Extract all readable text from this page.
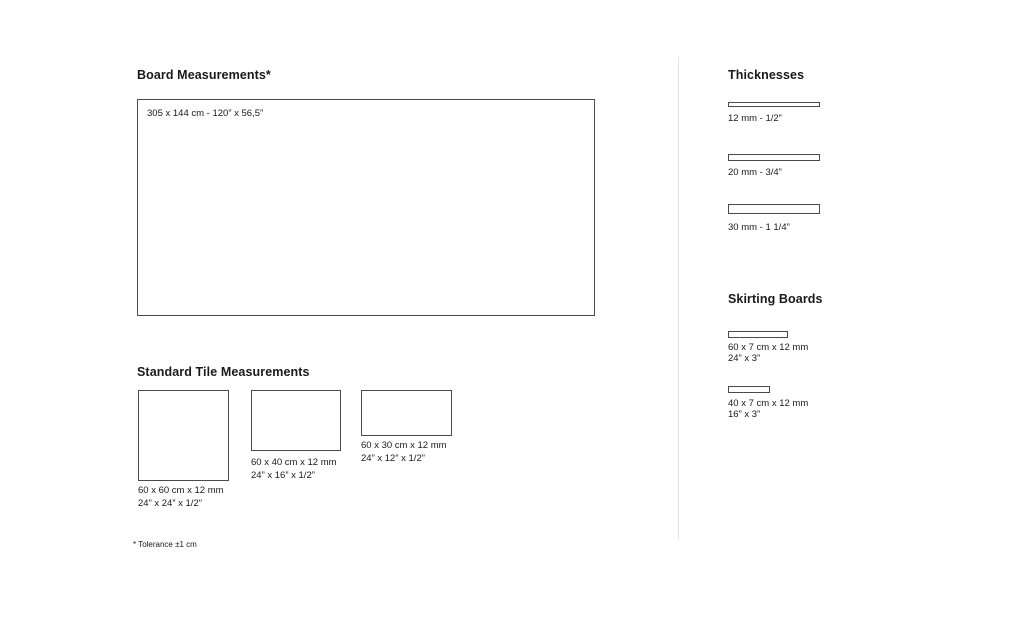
Board Measurements*
305 x 144 cm - 120” x 56,5”
Standard Tile Measurements
60 x 60 cm x 12 mm
24” x 24” x 1/2”
60 x 40 cm x 12 mm
24” x 16” x 1/2”
60 x 30 cm x 12 mm
24” x 12” x 1/2”
* Tolerance ±1 cm
Thicknesses
12 mm - 1/2”
20 mm - 3/4”
30 mm - 1 1/4”
Skirting Boards
60 x 7 cm x 12 mm
24” x 3”
40 x 7 cm x 12 mm
16” x 3”
